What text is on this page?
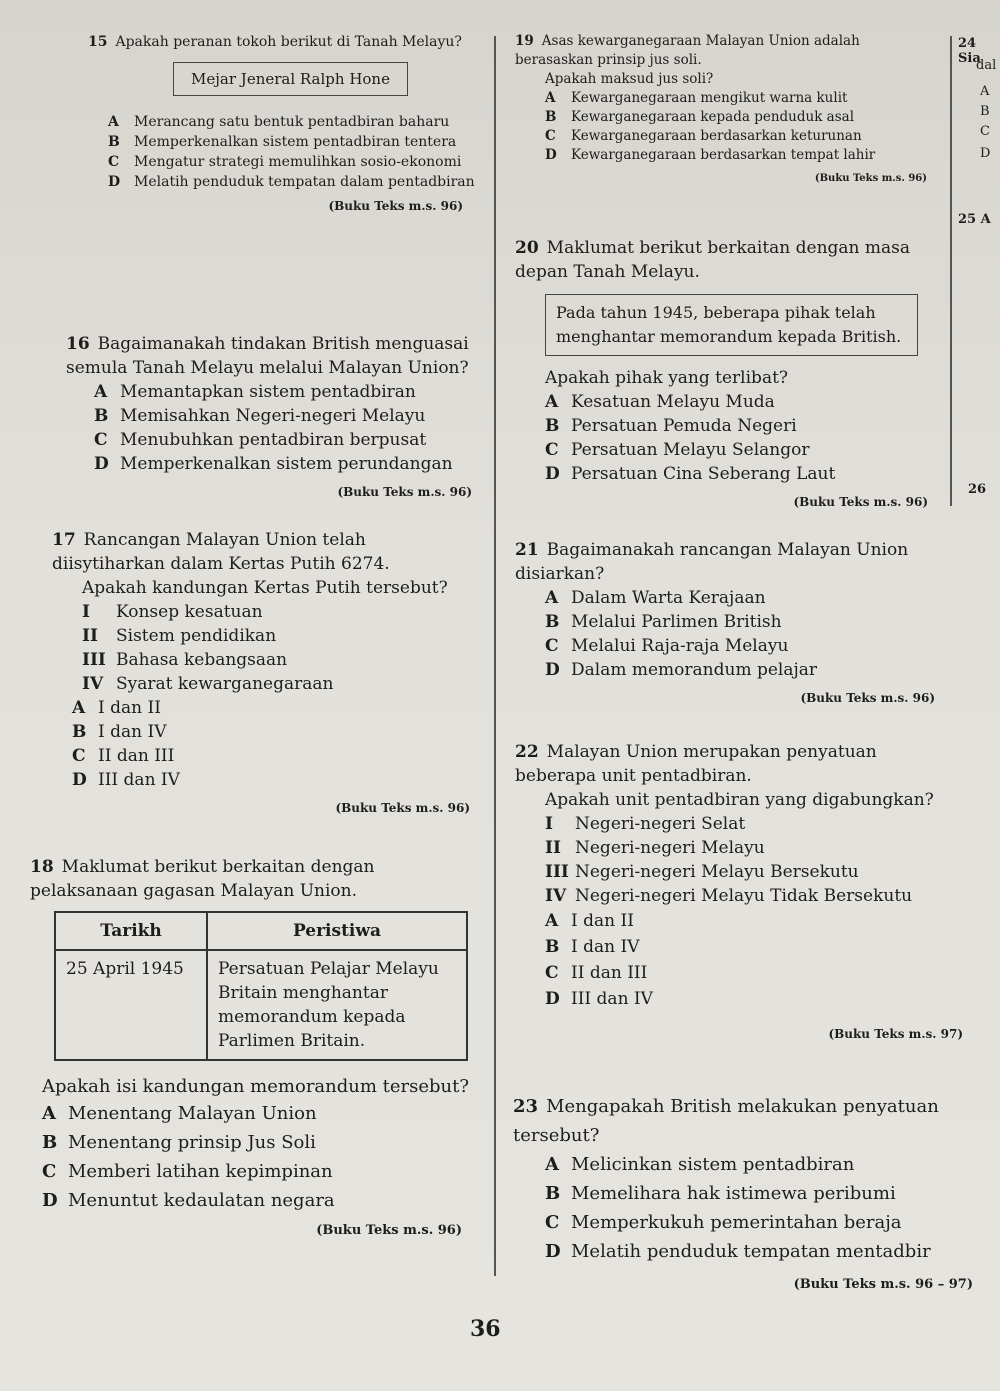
15 Apakah peranan tokoh berikut di Tanah Melayu?

Mejar Jeneral Ralph Hone

A Merancang satu bentuk pentadbiran baharu

B Memperkenalkan sistem pentadbiran tentera

C Mengatur strategi memulihkan sosio-ekonomi

D Melatih penduduk tempatan dalam pentadbiran

(Buku Teks m.s. 96)

16 Bagaimanakah tindakan British menguasai semula Tanah Melayu melalui Malayan Union?

A Memantapkan sistem pentadbiran

B Memisahkan Negeri-negeri Melayu

C Menubuhkan pentadbiran berpusat

D Memperkenalkan sistem perundangan

(Buku Teks m.s. 96)

17 Rancangan Malayan Union telah diisytiharkan dalam Kertas Putih 6274.

Apakah kandungan Kertas Putih tersebut?

I Konsep kesatuan

II Sistem pendidikan

III Bahasa kebangsaan

IV Syarat kewarganegaraan

A I dan II

B I dan IV

C II dan III

D III dan IV

(Buku Teks m.s. 96)

18 Maklumat berikut berkaitan dengan pelaksanaan gagasan Malayan Union.

Tarikh	Peristiwa
25 April 1945	Persatuan Pelajar Melayu Britain menghantar memorandum kepada Parlimen Britain.

Apakah isi kandungan memorandum tersebut?

A Menentang Malayan Union

B Menentang prinsip Jus Soli

C Memberi latihan kepimpinan

D Menuntut kedaulatan negara

(Buku Teks m.s. 96)

19 Asas kewarganegaraan Malayan Union adalah berasaskan prinsip jus soli.

Apakah maksud jus soli?

A Kewarganegaraan mengikut warna kulit

B Kewarganegaraan kepada penduduk asal

C Kewarganegaraan berdasarkan keturunan

D Kewarganegaraan berdasarkan tempat lahir

(Buku Teks m.s. 96)

20 Maklumat berikut berkaitan dengan masa depan Tanah Melayu.

Pada tahun 1945, beberapa pihak telah menghantar memorandum kepada British.

Apakah pihak yang terlibat?

A Kesatuan Melayu Muda

B Persatuan Pemuda Negeri

C Persatuan Melayu Selangor

D Persatuan Cina Seberang Laut

(Buku Teks m.s. 96)

21 Bagaimanakah rancangan Malayan Union disiarkan?

A Dalam Warta Kerajaan

B Melalui Parlimen British

C Melalui Raja-raja Melayu

D Dalam memorandum pelajar

(Buku Teks m.s. 96)

22 Malayan Union merupakan penyatuan beberapa unit pentadbiran.

Apakah unit pentadbiran yang digabungkan?

I Negeri-negeri Selat

II Negeri-negeri Melayu

III Negeri-negeri Melayu Bersekutu

IV Negeri-negeri Melayu Tidak Bersekutu

A I dan II

B I dan IV

C II dan III

D III dan IV

(Buku Teks m.s. 97)

23 Mengapakah British melakukan penyatuan tersebut?

A Melicinkan sistem pentadbiran

B Memelihara hak istimewa peribumi

C Memperkukuh pemerintahan beraja

D Melatih penduduk tempatan mentadbir

(Buku Teks m.s. 96 – 97)
24 Sia
dal
A
B
C
D
25 A
26
36
